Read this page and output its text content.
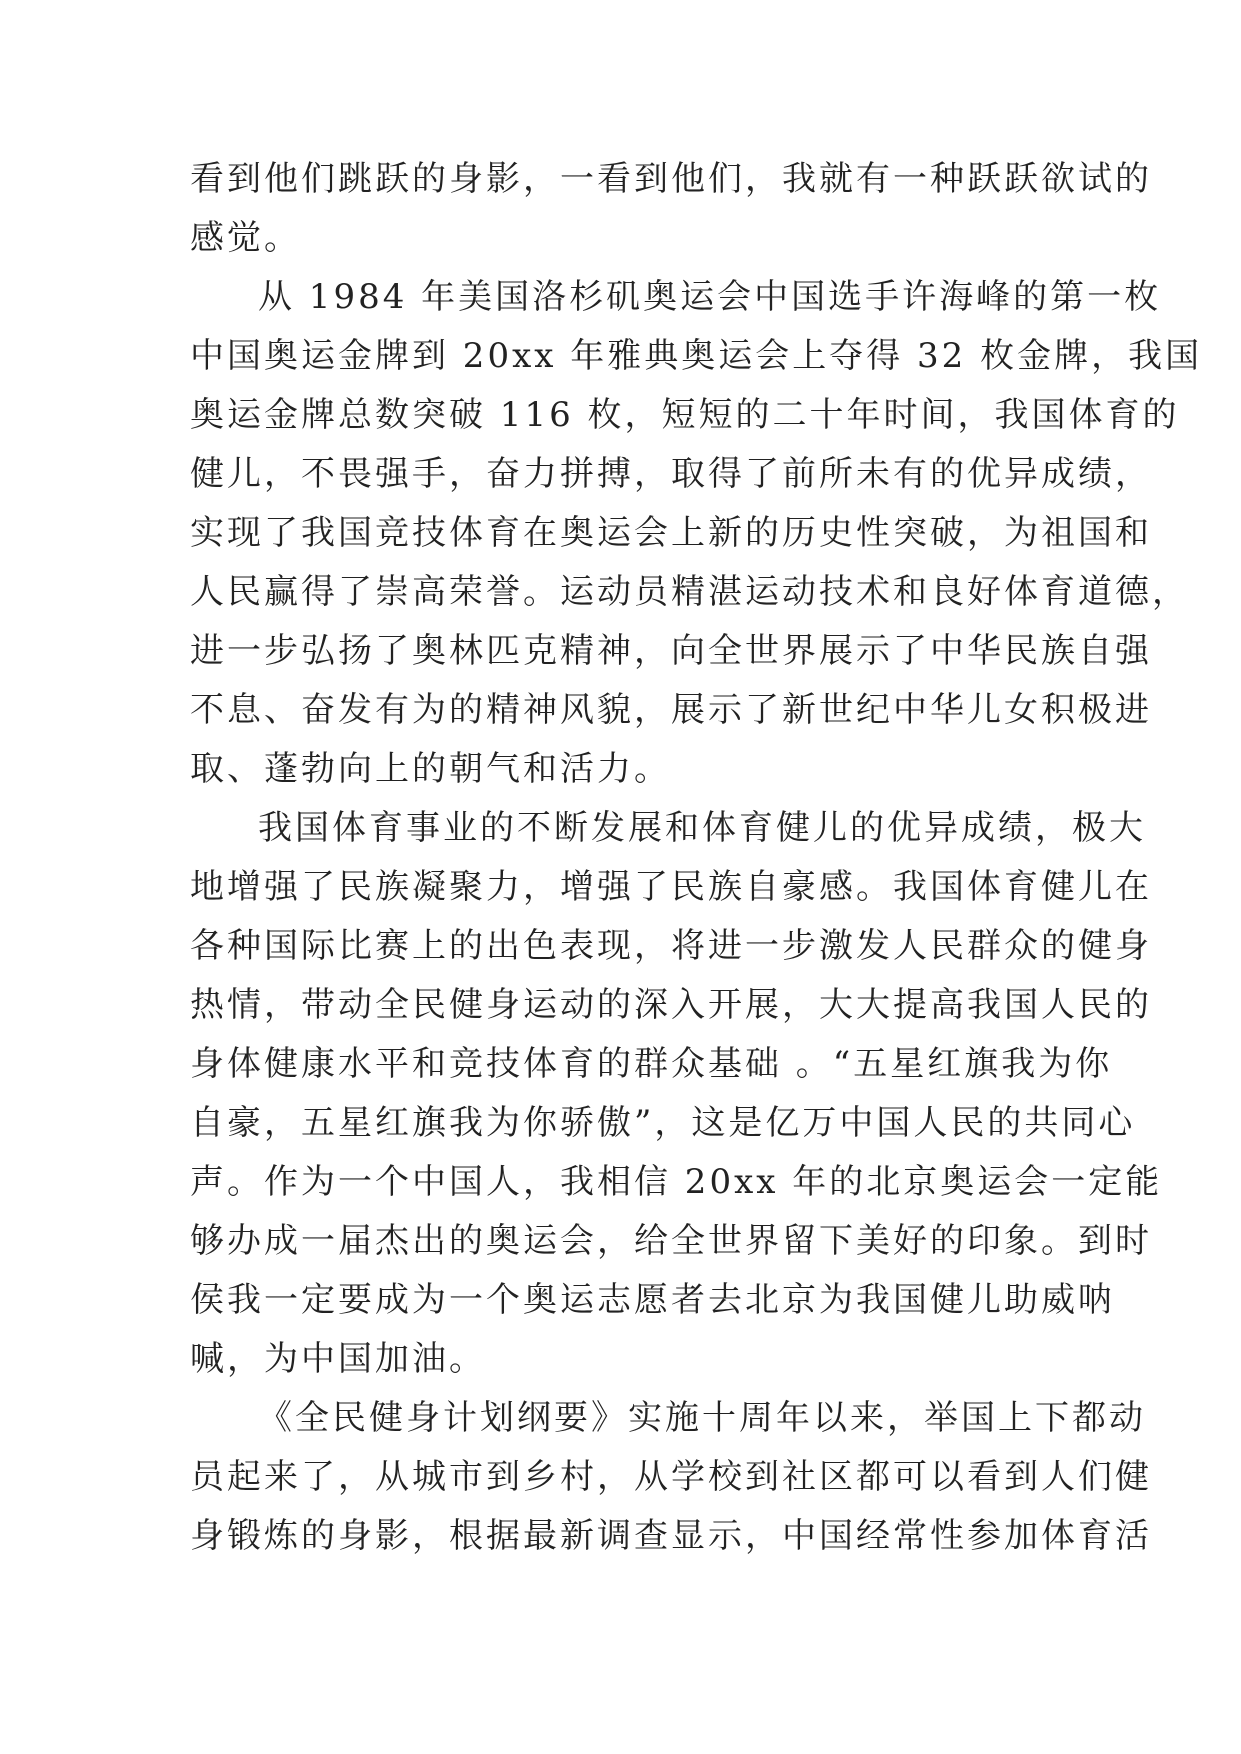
看到他们跳跃的身影，一看到他们，我就有一种跃跃欲试的
感觉。

从 1984 年美国洛杉矶奥运会中国选手许海峰的第一枚
中国奥运金牌到 20xx 年雅典奥运会上夺得 32 枚金牌，我国
奥运金牌总数突破 116 枚，短短的二十年时间，我国体育的
健儿，不畏强手，奋力拼搏，取得了前所未有的优异成绩，
实现了我国竞技体育在奥运会上新的历史性突破，为祖国和
人民赢得了崇高荣誉。运动员精湛运动技术和良好体育道德，
进一步弘扬了奥林匹克精神，向全世界展示了中华民族自强
不息、奋发有为的精神风貌，展示了新世纪中华儿女积极进
取、蓬勃向上的朝气和活力。

我国体育事业的不断发展和体育健儿的优异成绩，极大
地增强了民族凝聚力，增强了民族自豪感。我国体育健儿在
各种国际比赛上的出色表现，将进一步激发人民群众的健身
热情，带动全民健身运动的深入开展，大大提高我国人民的
身体健康水平和竞技体育的群众基础 。“五星红旗我为你
自豪，五星红旗我为你骄傲”，这是亿万中国人民的共同心
声。作为一个中国人，我相信 20xx 年的北京奥运会一定能
够办成一届杰出的奥运会，给全世界留下美好的印象。到时
侯我一定要成为一个奥运志愿者去北京为我国健儿助威呐
喊，为中国加油。

《全民健身计划纲要》实施十周年以来，举国上下都动
员起来了，从城市到乡村，从学校到社区都可以看到人们健
身锻炼的身影，根据最新调查显示，中国经常性参加体育活
